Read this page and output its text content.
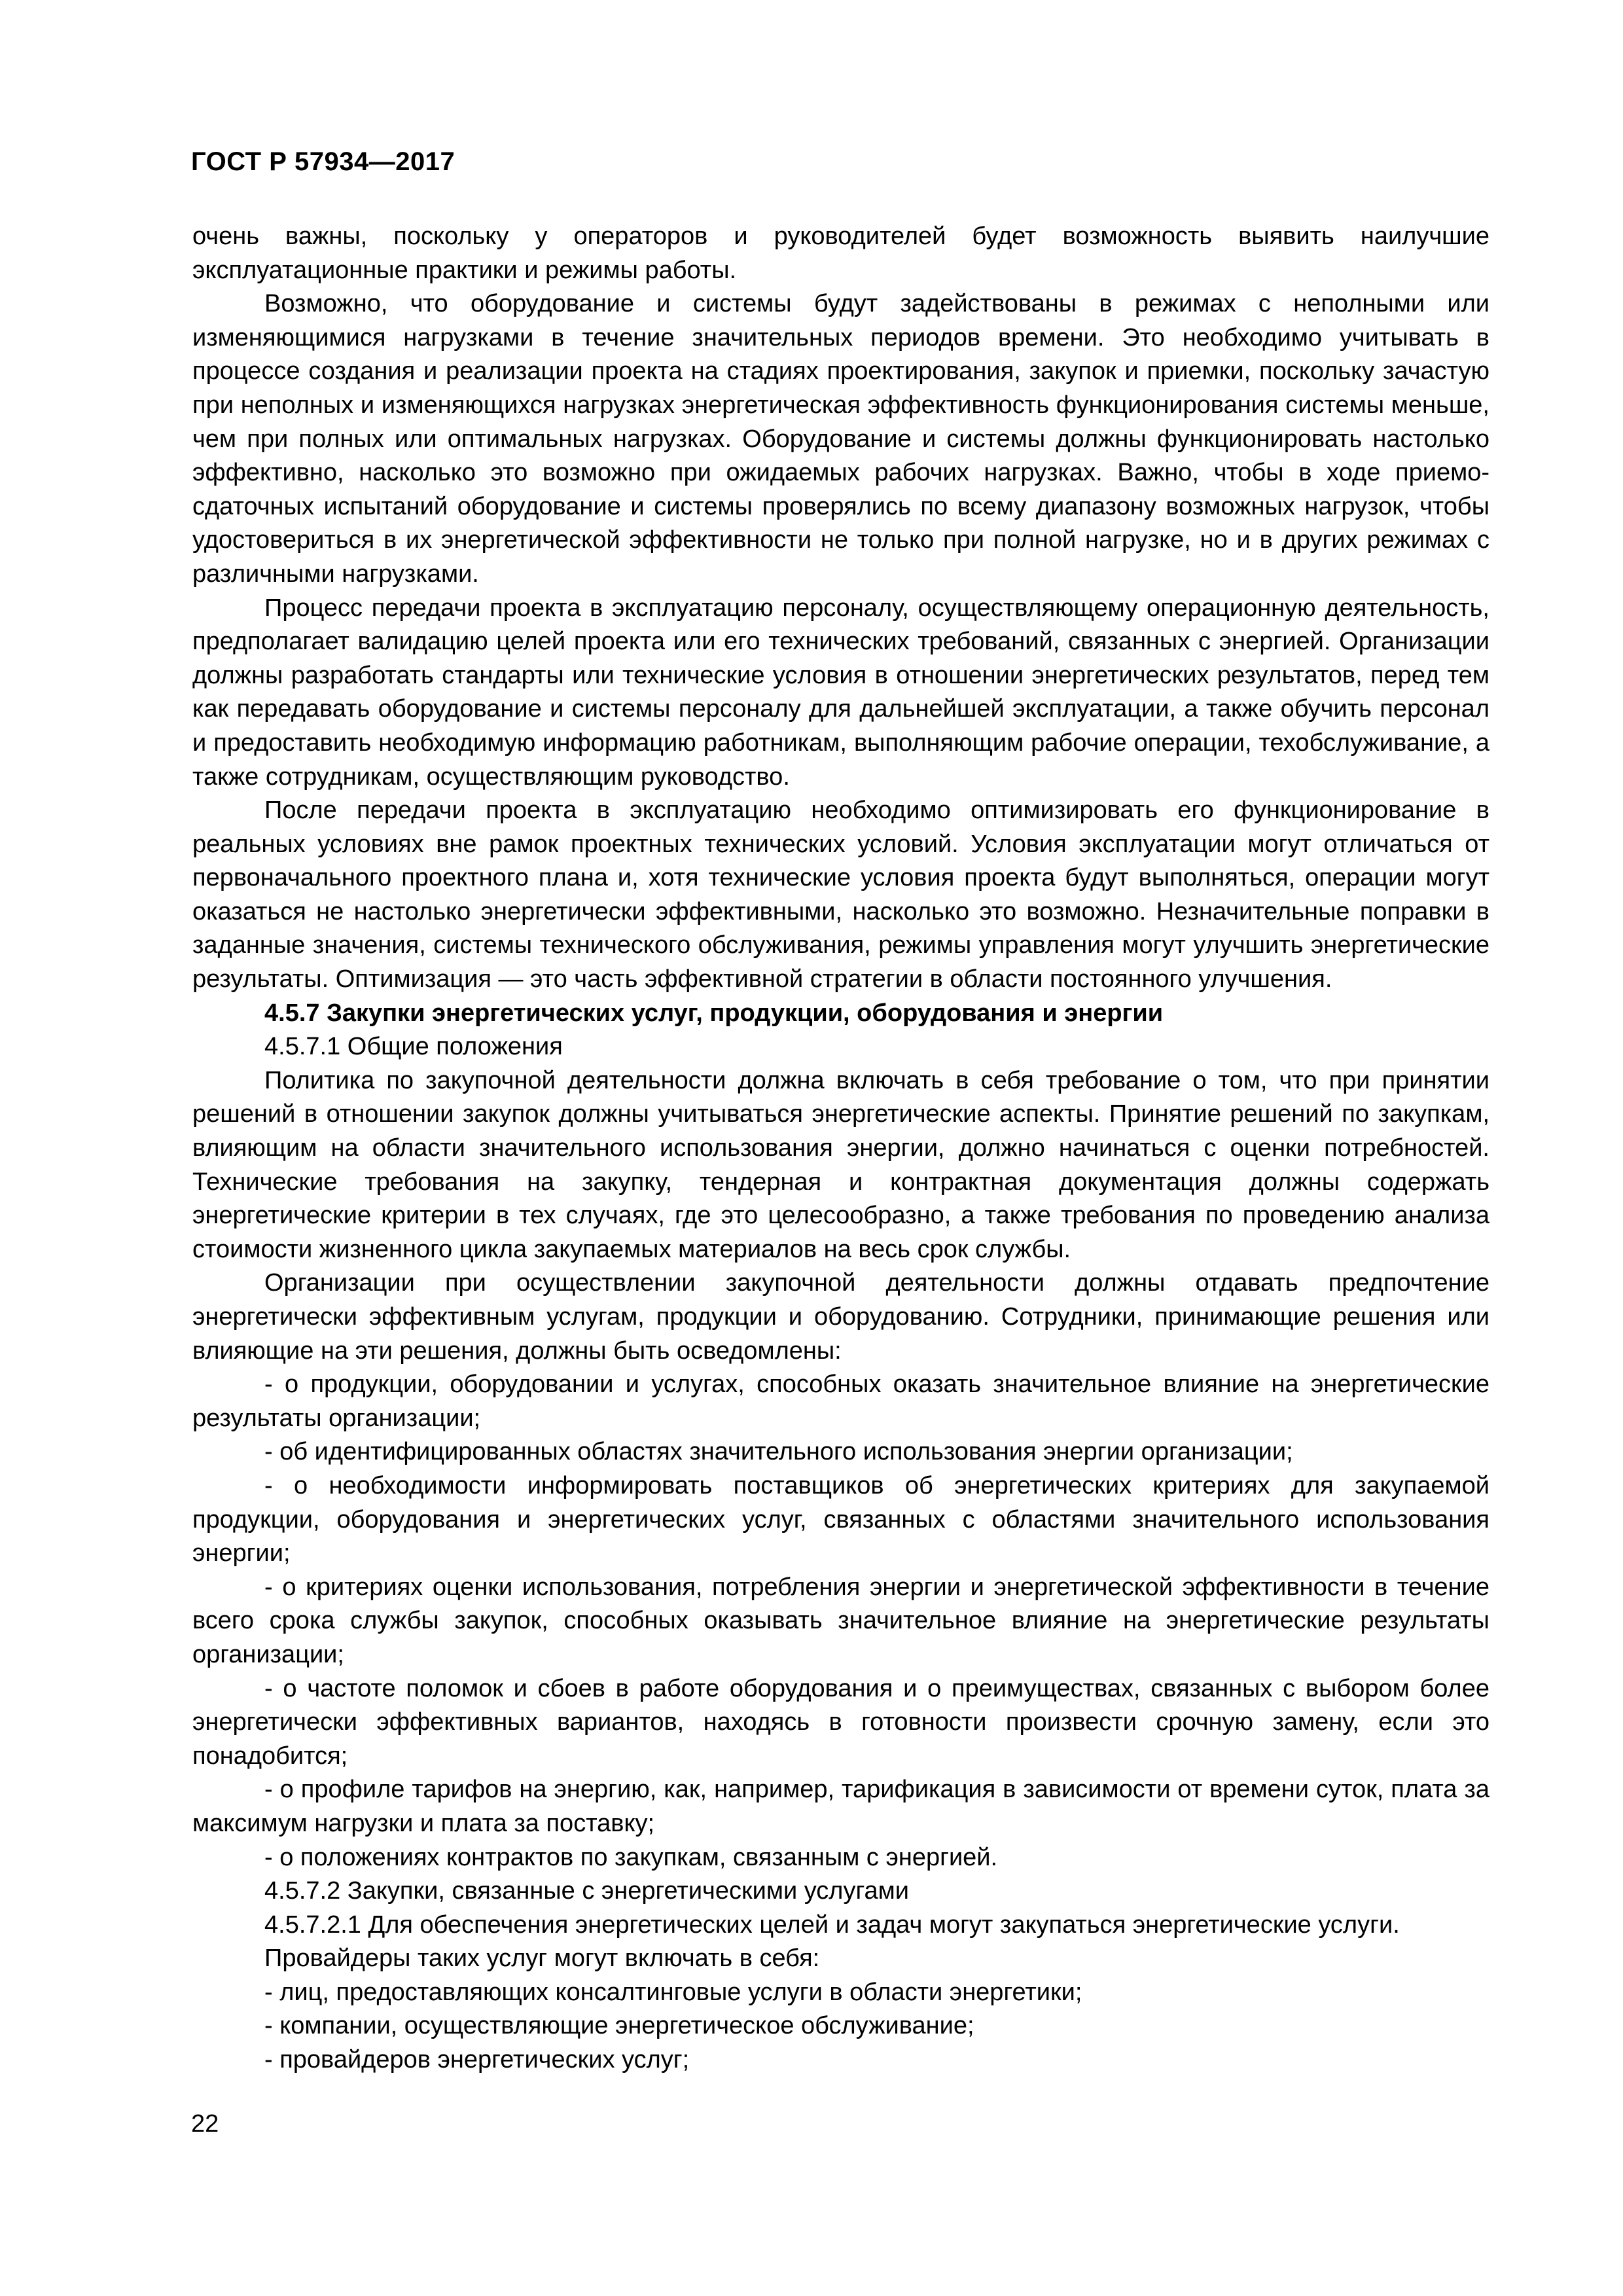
ГОСТ Р 57934—2017

очень важны, поскольку у операторов и руководителей будет возможность выявить наилучшие эксплуатационные практики и режимы работы.

Возможно, что оборудование и системы будут задействованы в режимах с неполными или изменяющимися нагрузками в течение значительных периодов времени. Это необходимо учитывать в процессе создания и реализации проекта на стадиях проектирования, закупок и приемки, поскольку зачастую при неполных и изменяющихся нагрузках энергетическая эффективность функционирования системы меньше, чем при полных или оптимальных нагрузках. Оборудование и системы должны функционировать настолько эффективно, насколько это возможно при ожидаемых рабочих нагрузках. Важно, чтобы в ходе приемо-сдаточных испытаний оборудование и системы проверялись по всему диапазону возможных нагрузок, чтобы удостовериться в их энергетической эффективности не только при полной нагрузке, но и в других режимах с различными нагрузками.

Процесс передачи проекта в эксплуатацию персоналу, осуществляющему операционную деятельность, предполагает валидацию целей проекта или его технических требований, связанных с энергией. Организации должны разработать стандарты или технические условия в отношении энергетических результатов, перед тем как передавать оборудование и системы персоналу для дальнейшей эксплуатации, а также обучить персонал и предоставить необходимую информацию работникам, выполняющим рабочие операции, техобслуживание, а также сотрудникам, осуществляющим руководство.

После передачи проекта в эксплуатацию необходимо оптимизировать его функционирование в реальных условиях вне рамок проектных технических условий. Условия эксплуатации могут отличаться от первоначального проектного плана и, хотя технические условия проекта будут выполняться, операции могут оказаться не настолько энергетически эффективными, насколько это возможно. Незначительные поправки в заданные значения, системы технического обслуживания, режимы управления могут улучшить энергетические результаты. Оптимизация — это часть эффективной стратегии в области постоянного улучшения.

4.5.7 Закупки энергетических услуг, продукции, оборудования и энергии

4.5.7.1 Общие положения

Политика по закупочной деятельности должна включать в себя требование о том, что при принятии решений в отношении закупок должны учитываться энергетические аспекты. Принятие решений по закупкам, влияющим на области значительного использования энергии, должно начинаться с оценки потребностей. Технические требования на закупку, тендерная и контрактная документация должны содержать энергетические критерии в тех случаях, где это целесообразно, а также требования по проведению анализа стоимости жизненного цикла закупаемых материалов на весь срок службы.

Организации при осуществлении закупочной деятельности должны отдавать предпочтение энергетически эффективным услугам, продукции и оборудованию. Сотрудники, принимающие решения или влияющие на эти решения, должны быть осведомлены:

- о продукции, оборудовании и услугах, способных оказать значительное влияние на энергетические результаты организации;

- об идентифицированных областях значительного использования энергии организации;

- о необходимости информировать поставщиков об энергетических критериях для закупаемой продукции, оборудования и энергетических услуг, связанных с областями значительного использования энергии;

- о критериях оценки использования, потребления энергии и энергетической эффективности в течение всего срока службы закупок, способных оказывать значительное влияние на энергетические результаты организации;

- о частоте поломок и сбоев в работе оборудования и о преимуществах, связанных с выбором более энергетически эффективных вариантов, находясь в готовности произвести срочную замену, если это понадобится;

- о профиле тарифов на энергию, как, например, тарификация в зависимости от времени суток, плата за максимум нагрузки и плата за поставку;

- о положениях контрактов по закупкам, связанным с энергией.

4.5.7.2 Закупки, связанные с энергетическими услугами

4.5.7.2.1 Для обеспечения энергетических целей и задач могут закупаться энергетические услуги.

Провайдеры таких услуг могут включать в себя:

- лиц, предоставляющих консалтинговые услуги в области энергетики;

- компании, осуществляющие энергетическое обслуживание;

- провайдеров энергетических услуг;

22
